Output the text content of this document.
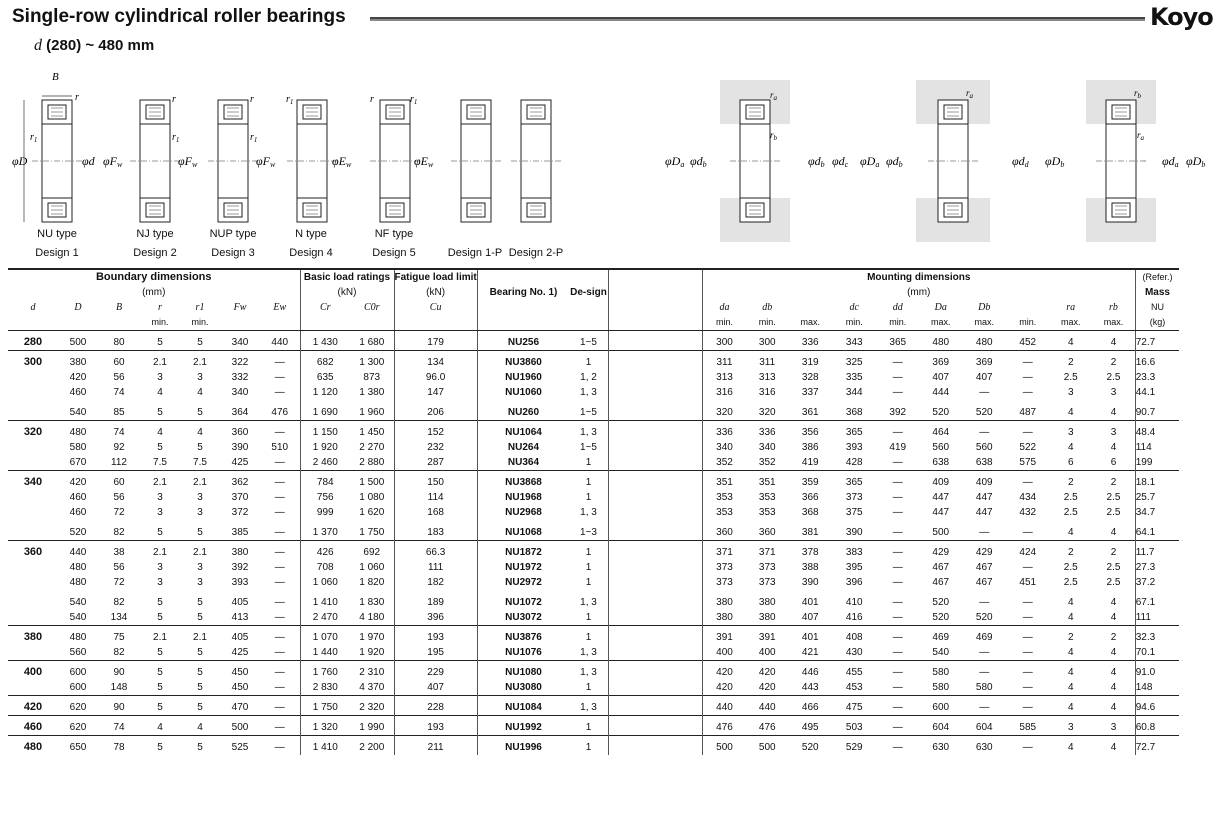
Single-row cylindrical roller bearings	Koyo
d (280) ~ 480 mm
B
r
$r_1$
φD	φd φFw
r
$r_1$
φFw
r
$r_1$
φFw
$r_1$
φEw
r	$r_1$
φEw
$r_a$
$r_b$
φDa φdb	φdb φdc
$r_a$
φDa φdb	φdd
$r_b$
$r_a$
φDb	φda φDb
NU type	NJ type	NUP type	N type	NF type
Design 1	Design 2	Design 3	Design 4	Design 5	Design 1-P Design 2-P
Boundary dimensions							Basic load ratings		Fatigue load limit	Bearing No. 1)	De-sign		Mounting dimensions										(Refer.)
(mm)							(kN)		(kN)				(mm)										Mass
d	D	B	r	r1	Fw	Ew	Cr	C0r	Cu				da	db		dc	dd	Da	Db		ra	rb	NU
			min.	min.									min.	min.	max.	min.	min.	max.	max.	min.	max.	max.	(kg)
280	500	80	5	5	340	440	1 430	1 680	179	NU256	1~5		300	300	336	343	365	480	480	452	4	4	72.7
300	380	60	2.1	2.1	322	—	682	1 300	134	NU3860	1		311	311	319	325	—	369	369	—	2	2	16.6
	420	56	3	3	332	—	635	873	96.0	NU1960	1, 2		313	313	328	335	—	407	407	—	2.5	2.5	23.3
	460	74	4	4	340	—	1 120	1 380	147	NU1060	1, 3		316	316	337	344	—	444	—	—	3	3	44.1
	540	85	5	5	364	476	1 690	1 960	206	NU260	1~5		320	320	361	368	392	520	520	487	4	4	90.7
320	480	74	4	4	360	—	1 150	1 450	152	NU1064	1, 3		336	336	356	365	—	464	—	—	3	3	48.4
	580	92	5	5	390	510	1 920	2 270	232	NU264	1~5		340	340	386	393	419	560	560	522	4	4	114
	670	112	7.5	7.5	425	—	2 460	2 880	287	NU364	1		352	352	419	428	—	638	638	575	6	6	199
340	420	60	2.1	2.1	362	—	784	1 500	150	NU3868	1		351	351	359	365	—	409	409	—	2	2	18.1
	460	56	3	3	370	—	756	1 080	114	NU1968	1		353	353	366	373	—	447	447	434	2.5	2.5	25.7
	460	72	3	3	372	—	999	1 620	168	NU2968	1, 3		353	353	368	375	—	447	447	432	2.5	2.5	34.7
	520	82	5	5	385	—	1 370	1 750	183	NU1068	1~3		360	360	381	390	—	500	—	—	4	4	64.1
360	440	38	2.1	2.1	380	—	426	692	66.3	NU1872	1		371	371	378	383	—	429	429	424	2	2	11.7
	480	56	3	3	392	—	708	1 060	111	NU1972	1		373	373	388	395	—	467	467	—	2.5	2.5	27.3
	480	72	3	3	393	—	1 060	1 820	182	NU2972	1		373	373	390	396	—	467	467	451	2.5	2.5	37.2
	540	82	5	5	405	—	1 410	1 830	189	NU1072	1, 3		380	380	401	410	—	520	—	—	4	4	67.1
	540	134	5	5	413	—	2 470	4 180	396	NU3072	1		380	380	407	416	—	520	520	—	4	4	111
380	480	75	2.1	2.1	405	—	1 070	1 970	193	NU3876	1		391	391	401	408	—	469	469	—	2	2	32.3
	560	82	5	5	425	—	1 440	1 920	195	NU1076	1, 3		400	400	421	430	—	540	—	—	4	4	70.1
400	600	90	5	5	450	—	1 760	2 310	229	NU1080	1, 3		420	420	446	455	—	580	—	—	4	4	91.0
	600	148	5	5	450	—	2 830	4 370	407	NU3080	1		420	420	443	453	—	580	580	—	4	4	148
420	620	90	5	5	470	—	1 750	2 320	228	NU1084	1, 3		440	440	466	475	—	600	—	—	4	4	94.6
460	620	74	4	4	500	—	1 320	1 990	193	NU1992	1		476	476	495	503	—	604	604	585	3	3	60.8
480	650	78	5	5	525	—	1 410	2 200	211	NU1996	1		500	500	520	529	—	630	630	—	4	4	72.7
